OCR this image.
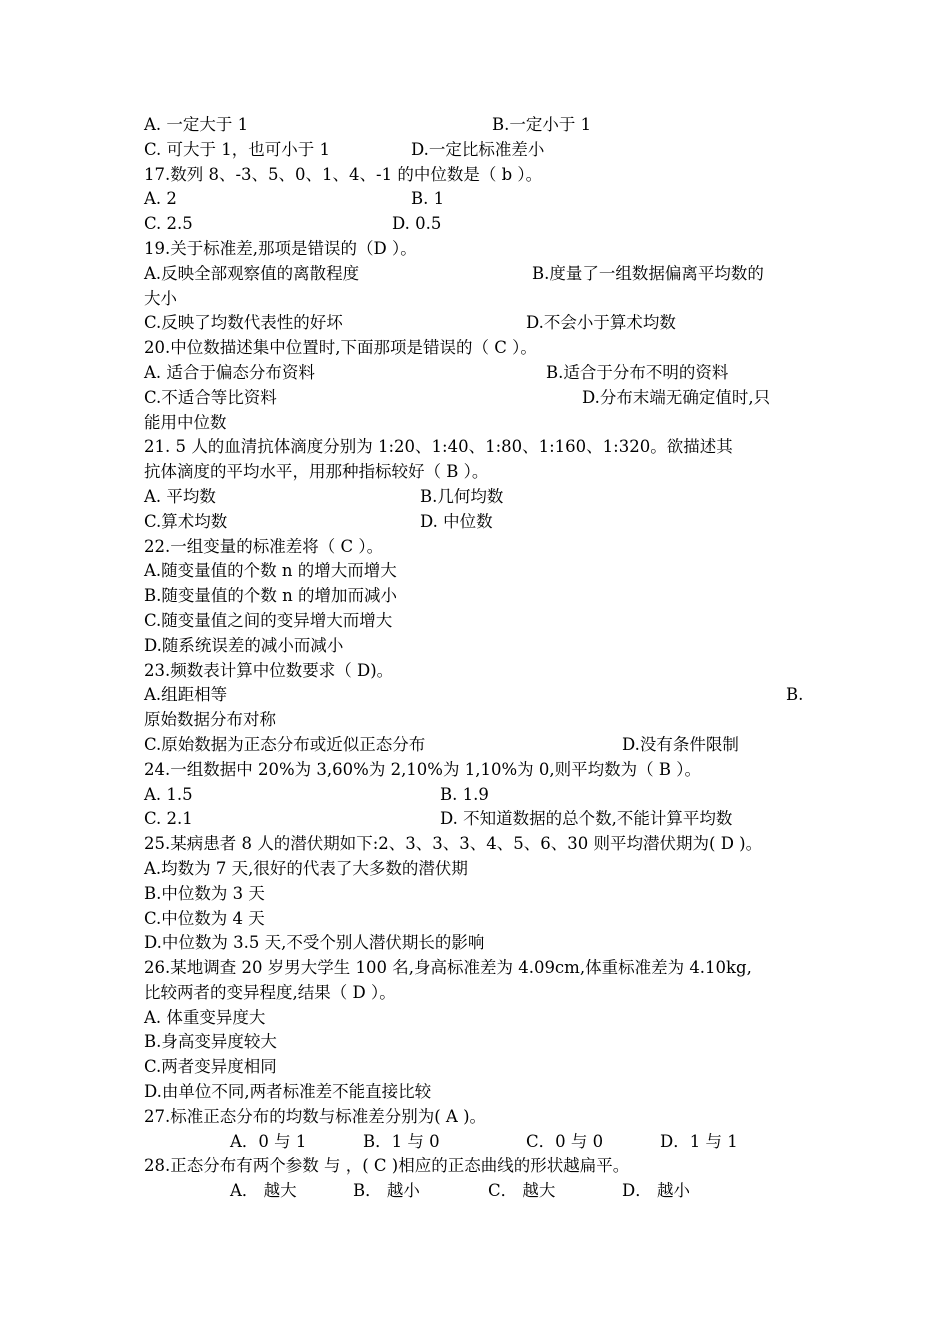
A. 一定大于 1	B.一定小于 1
C. 可大于 1，也可小于 1	D.一定比标准差小
17.数列 8、-3、5、0、1、4、-1 的中位数是（ b ）。
A. 2	B. 1
C. 2.5	D. 0.5
19.关于标准差,那项是错误的（D ）。
A.反映全部观察值的离散程度	B.度量了一组数据偏离平均数的
大小
C.反映了均数代表性的好坏	D.不会小于算术均数
20.中位数描述集中位置时,下面那项是错误的（ C ）。
A. 适合于偏态分布资料	B.适合于分布不明的资料
C.不适合等比资料	D.分布末端无确定值时,只
能用中位数
21. 5 人的血清抗体滴度分别为 1:20、1:40、1:80、1:160、1:320。欲描述其
抗体滴度的平均水平，用那种指标较好（ B ）。
A. 平均数	B.几何均数
C.算术均数	D. 中位数
22.一组变量的标准差将（ C ）。
A.随变量值的个数 n 的增大而增大
B.随变量值的个数 n 的增加而减小
C.随变量值之间的变异增大而增大
D.随系统误差的减小而减小
23.频数表计算中位数要求（ D)。
A.组距相等	B.
原始数据分布对称
C.原始数据为正态分布或近似正态分布	D.没有条件限制
24.一组数据中 20%为 3,60%为 2,10%为 1,10%为 0,则平均数为（ B ）。
A. 1.5	B. 1.9
C. 2.1	D. 不知道数据的总个数,不能计算平均数
25.某病患者 8 人的潜伏期如下:2、3、3、3、4、5、6、30 则平均潜伏期为( D )。
A.均数为 7 天,很好的代表了大多数的潜伏期
B.中位数为 3 天
C.中位数为 4 天
D.中位数为 3.5 天,不受个别人潜伏期长的影响
26.某地调查 20 岁男大学生 100 名,身高标准差为 4.09cm,体重标准差为 4.10kg,
比较两者的变异程度,结果（ D ）。
A. 体重变异度大
B.身高变异度较大
C.两者变异度相同
D.由单位不同,两者标准差不能直接比较
27.标准正态分布的均数与标准差分别为( A )。
A．0 与 1	B．1 与 0	C．0 与 0	D．1 与 1
28.正态分布有两个参数 与 ，( C )相应的正态曲线的形状越扁平。
A． 越大	B． 越小	C． 越大	D． 越小
